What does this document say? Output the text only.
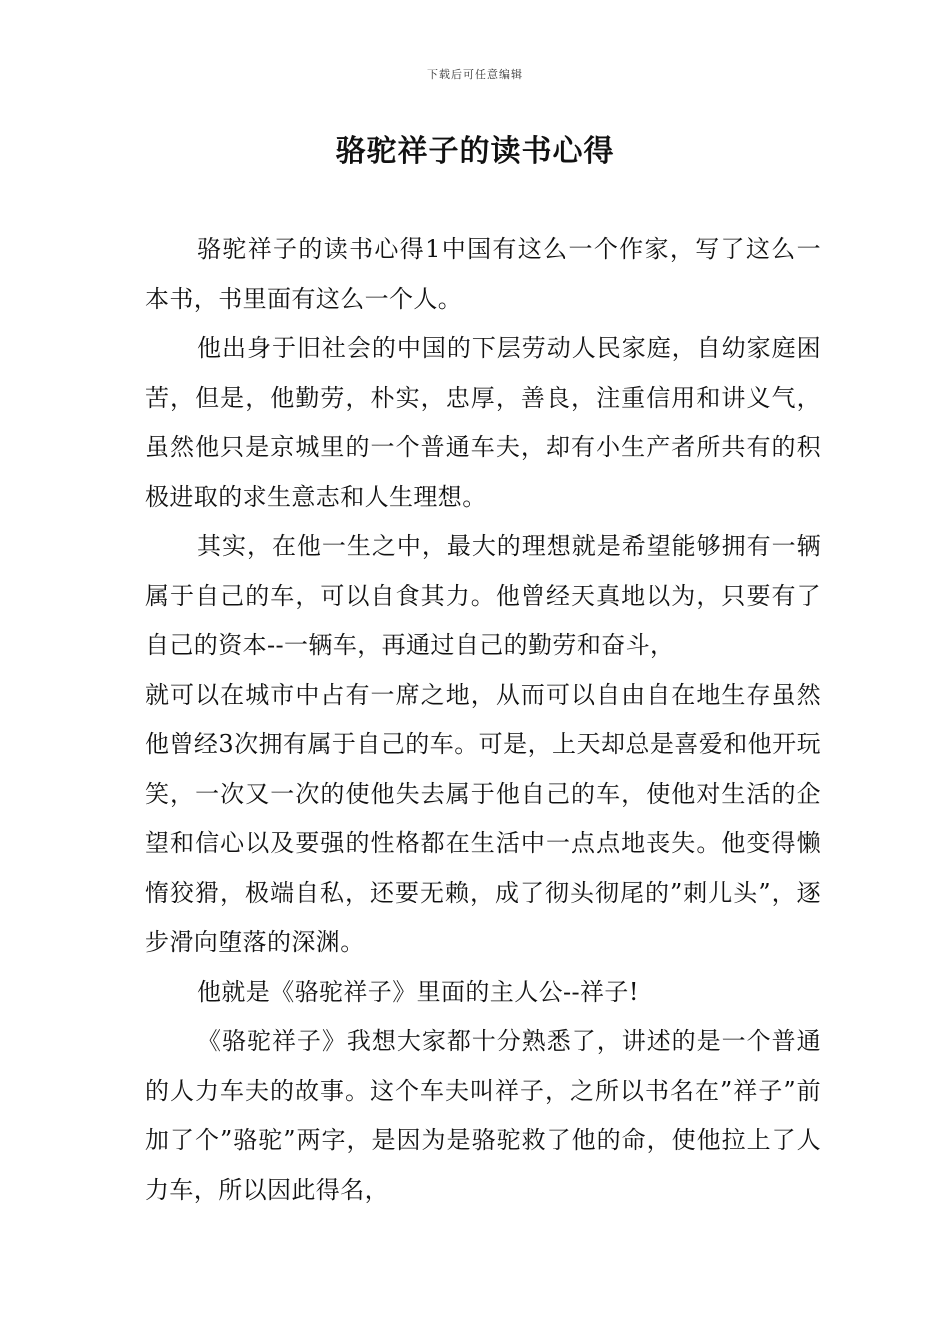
下载后可任意编辑
骆驼祥子的读书心得

骆驼祥子的读书心得1中国有这么一个作家，写了这么一本书，书里面有这么一个人。

他出身于旧社会的中国的下层劳动人民家庭，自幼家庭困苦，但是，他勤劳，朴实，忠厚，善良，注重信用和讲义气，虽然他只是京城里的一个普通车夫，却有小生产者所共有的积极进取的求生意志和人生理想。

其实，在他一生之中，最大的理想就是希望能够拥有一辆属于自己的车，可以自食其力。他曾经天真地以为，只要有了自己的资本--一辆车，再通过自己的勤劳和奋斗，

就可以在城市中占有一席之地，从而可以自由自在地生存虽然他曾经3次拥有属于自己的车。可是，上天却总是喜爱和他开玩笑，一次又一次的使他失去属于他自己的车，使他对生活的企望和信心以及要强的性格都在生活中一点点地丧失。他变得懒惰狡猾，极端自私，还要无赖，成了彻头彻尾的”刺儿头”，逐步滑向堕落的深渊。

他就是《骆驼祥子》里面的主人公--祥子!

《骆驼祥子》我想大家都十分熟悉了，讲述的是一个普通的人力车夫的故事。这个车夫叫祥子，之所以书名在”祥子”前加了个”骆驼”两字，是因为是骆驼救了他的命，使他拉上了人力车，所以因此得名，
